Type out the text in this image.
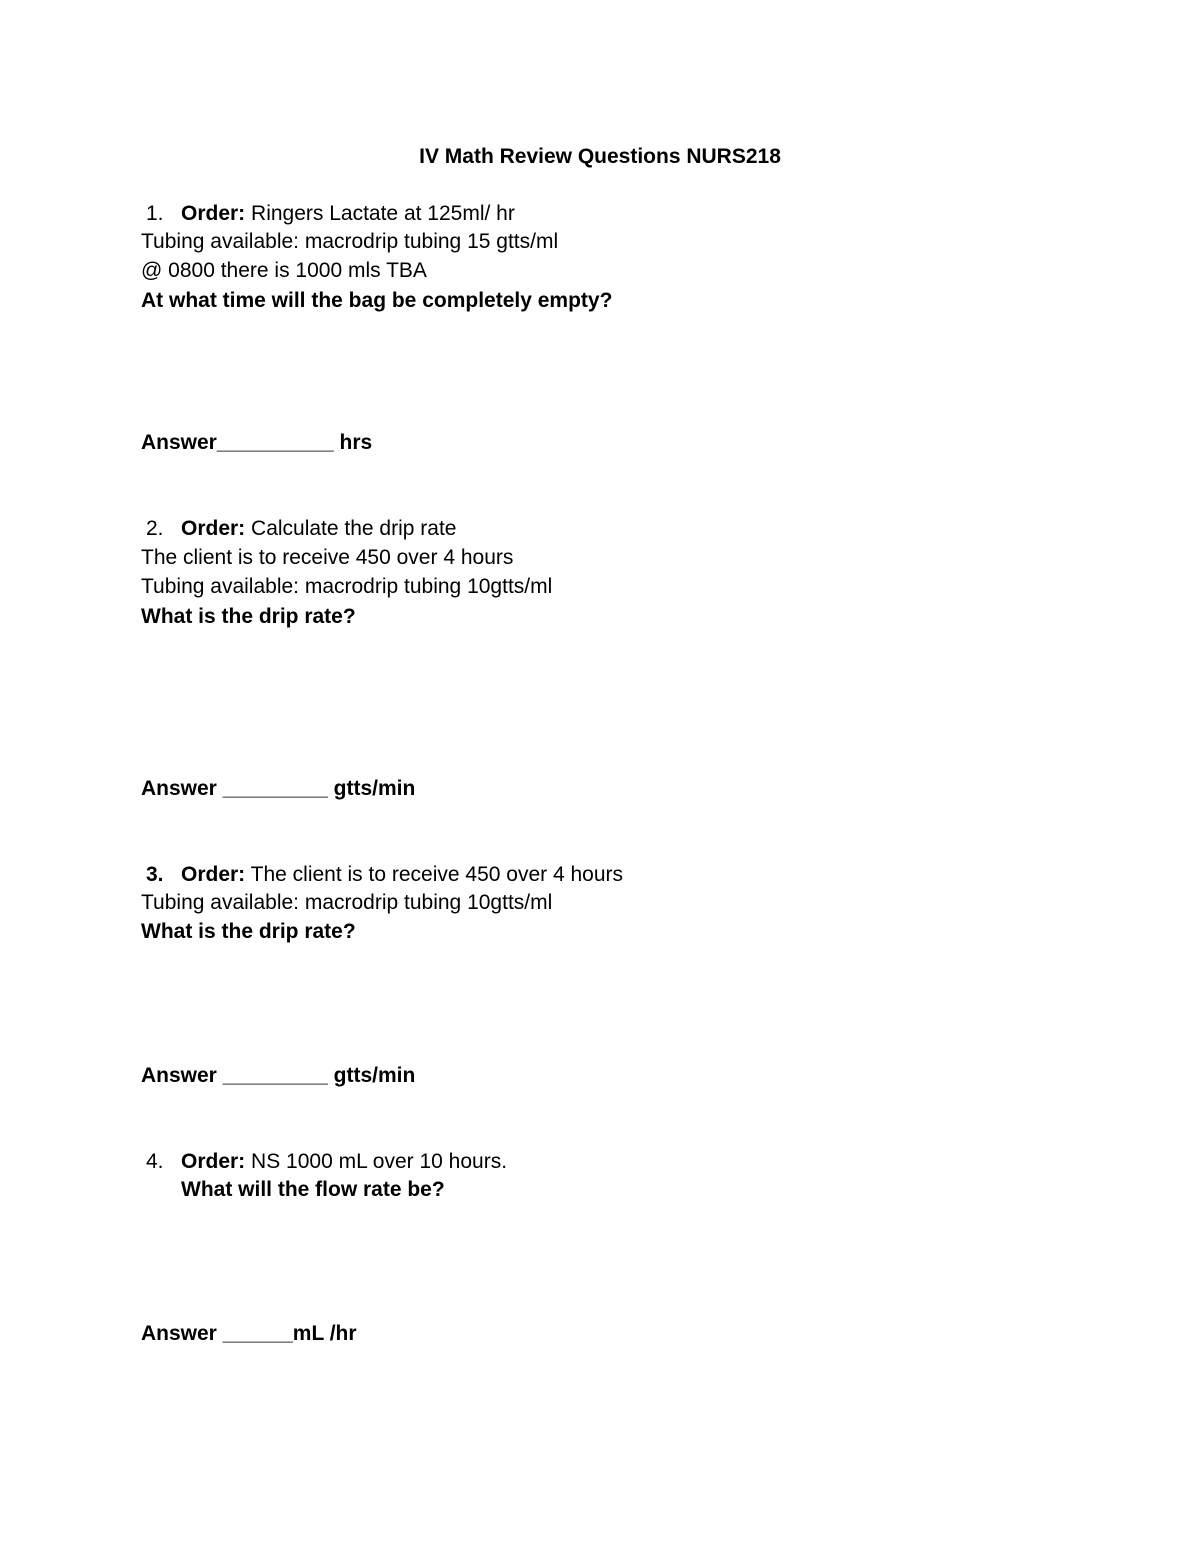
IV Math Review Questions NURS218
1. Order: Ringers Lactate at 125ml/ hr
Tubing available: macrodrip tubing 15 gtts/ml
@ 0800 there is 1000 mls TBA
At what time will the bag be completely empty?
Answer__________ hrs
2. Order: Calculate the drip rate
The client is to receive 450 over 4 hours
Tubing available: macrodrip tubing 10gtts/ml
What is the drip rate?
Answer _________ gtts/min
3. Order: The client is to receive 450 over 4 hours
Tubing available: macrodrip tubing 10gtts/ml
What is the drip rate?
Answer _________ gtts/min
4. Order: NS 1000 mL over 10 hours.
What will the flow rate be?
Answer ______mL /hr
